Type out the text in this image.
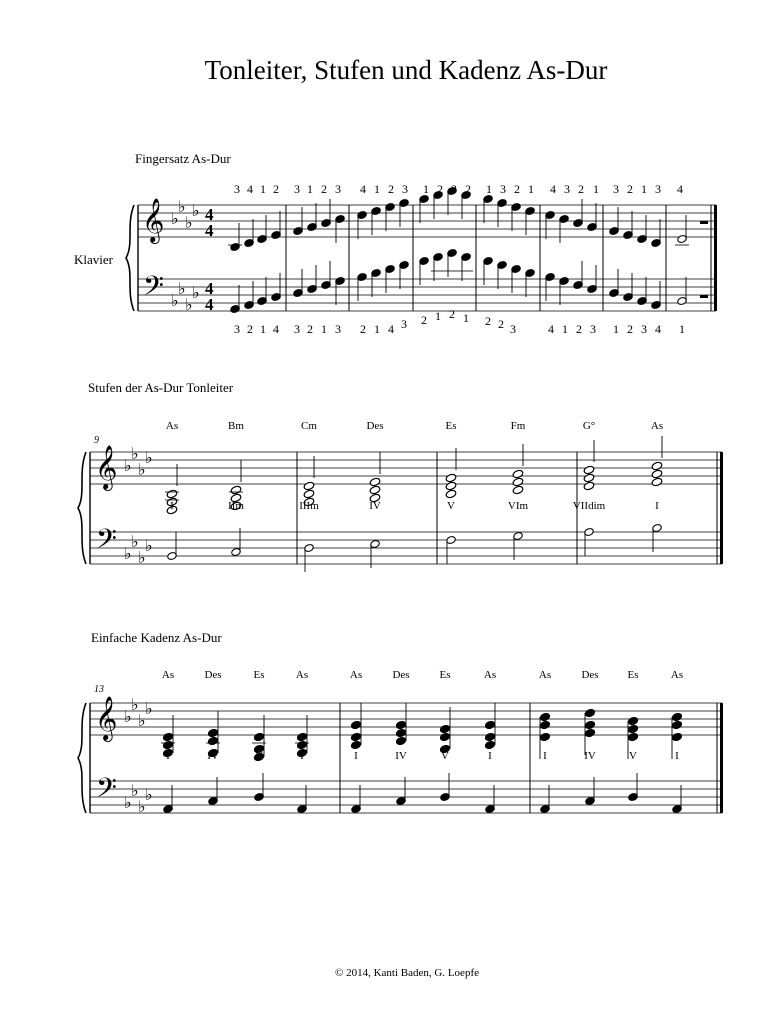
Tonleiter, Stufen und Kadenz As-Dur
Fingersatz As-Dur
Klavier
𝄞
𝄢
♭
♭
♭
♭
♭
♭
♭
♭
4
4
4
4
3 4 1 2 3 1 2 3 4 1 2 3 1 2 3 2 1 3 2 1 4 3 2 1 3 2 1 3 4
3 2 1 4 3 2 1 3 2 1 4 3 2 1 2 1 2 2 3	4 1 2 3 1 2 3 4 1
Stufen der As-Dur Tonleiter
9
𝄞
𝄢
♭
♭
♭
♭
♭
♭
♭
♭
As	Bm	Cm	Des	Es	Fm	G°	As
I	IIm	IIIm	IV	V	VIm	VIIdim	I
Einfache Kadenz As-Dur
13
𝄞
𝄢
♭
♭
♭
♭
♭
♭
♭
♭
As	Des	Es	As	As	Des	Es	As	As	Des	Es	As
I	IV	V	I	I	IV	V	I	I	IV	V	I
© 2014, Kanti Baden, G. Loepfe
